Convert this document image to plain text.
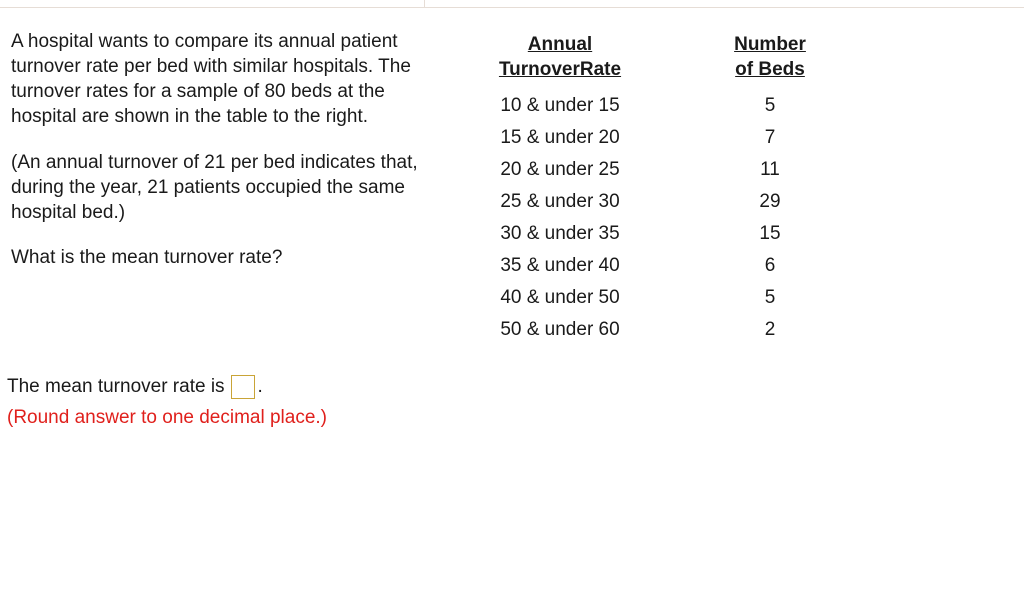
A hospital wants to compare its annual patient turnover rate per bed with similar hospitals. The turnover rates for a sample of 80 beds at the hospital are shown in the table to the right.

(An annual turnover of 21 per bed indicates that, during the year, 21 patients occupied the same hospital bed.)

What is the mean turnover rate?

Annual
TurnoverRate
10 & under 15
15 & under 20
20 & under 25
25 & under 30
30 & under 35
35 & under 40
40 & under 50
50 & under 60
Number
of Beds
5
7
11
29
15
6
5
2
The mean turnover rate is .
(Round answer to one decimal place.)
